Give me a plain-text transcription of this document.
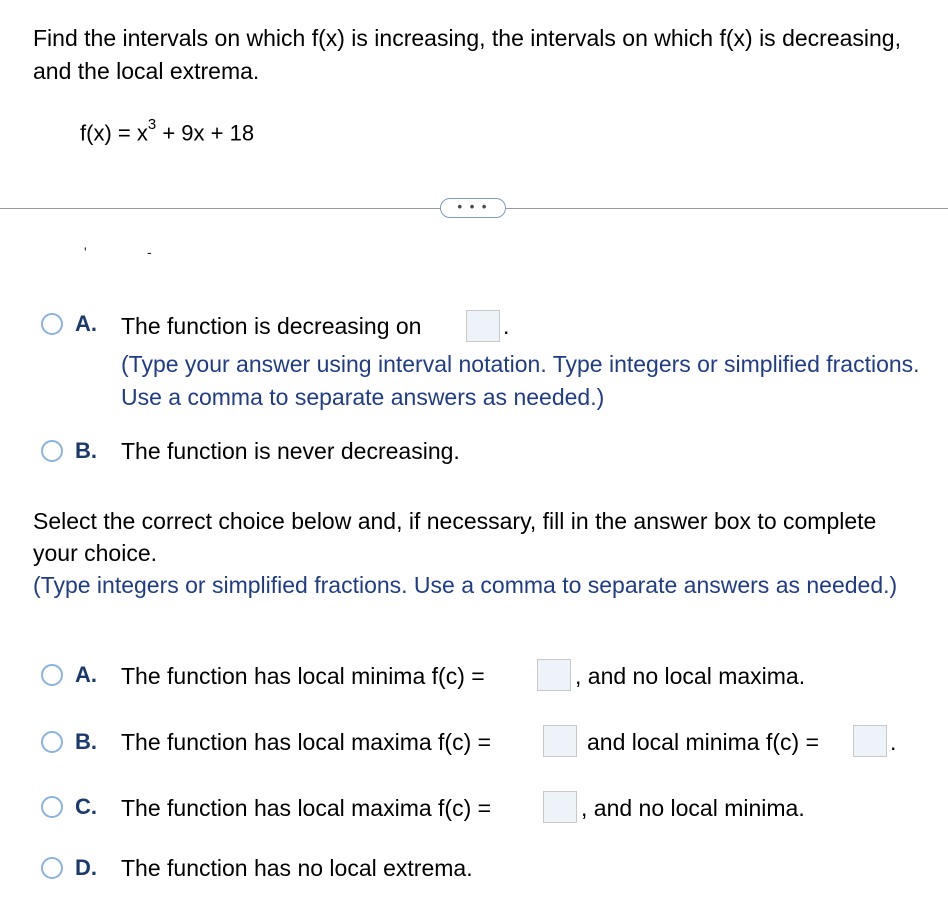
Find the intervals on which f(x) is increasing, the intervals on which f(x) is decreasing, and the local extrema.
$f(x) = x^3 + 9x + 18$
• • •
'	-
A. The function is decreasing on	.
(Type your answer using interval notation. Type integers or simplified fractions. Use a comma to separate answers as needed.)
B. The function is never decreasing.
Select the correct choice below and, if necessary, fill in the answer box to complete your choice.
(Type integers or simplified fractions. Use a comma to separate answers as needed.)
A. The function has local minima f(c) =	, and no local maxima.
B. The function has local maxima f(c) =	and local minima f(c) =	.
C. The function has local maxima f(c) =	, and no local minima.
D. The function has no local extrema.
